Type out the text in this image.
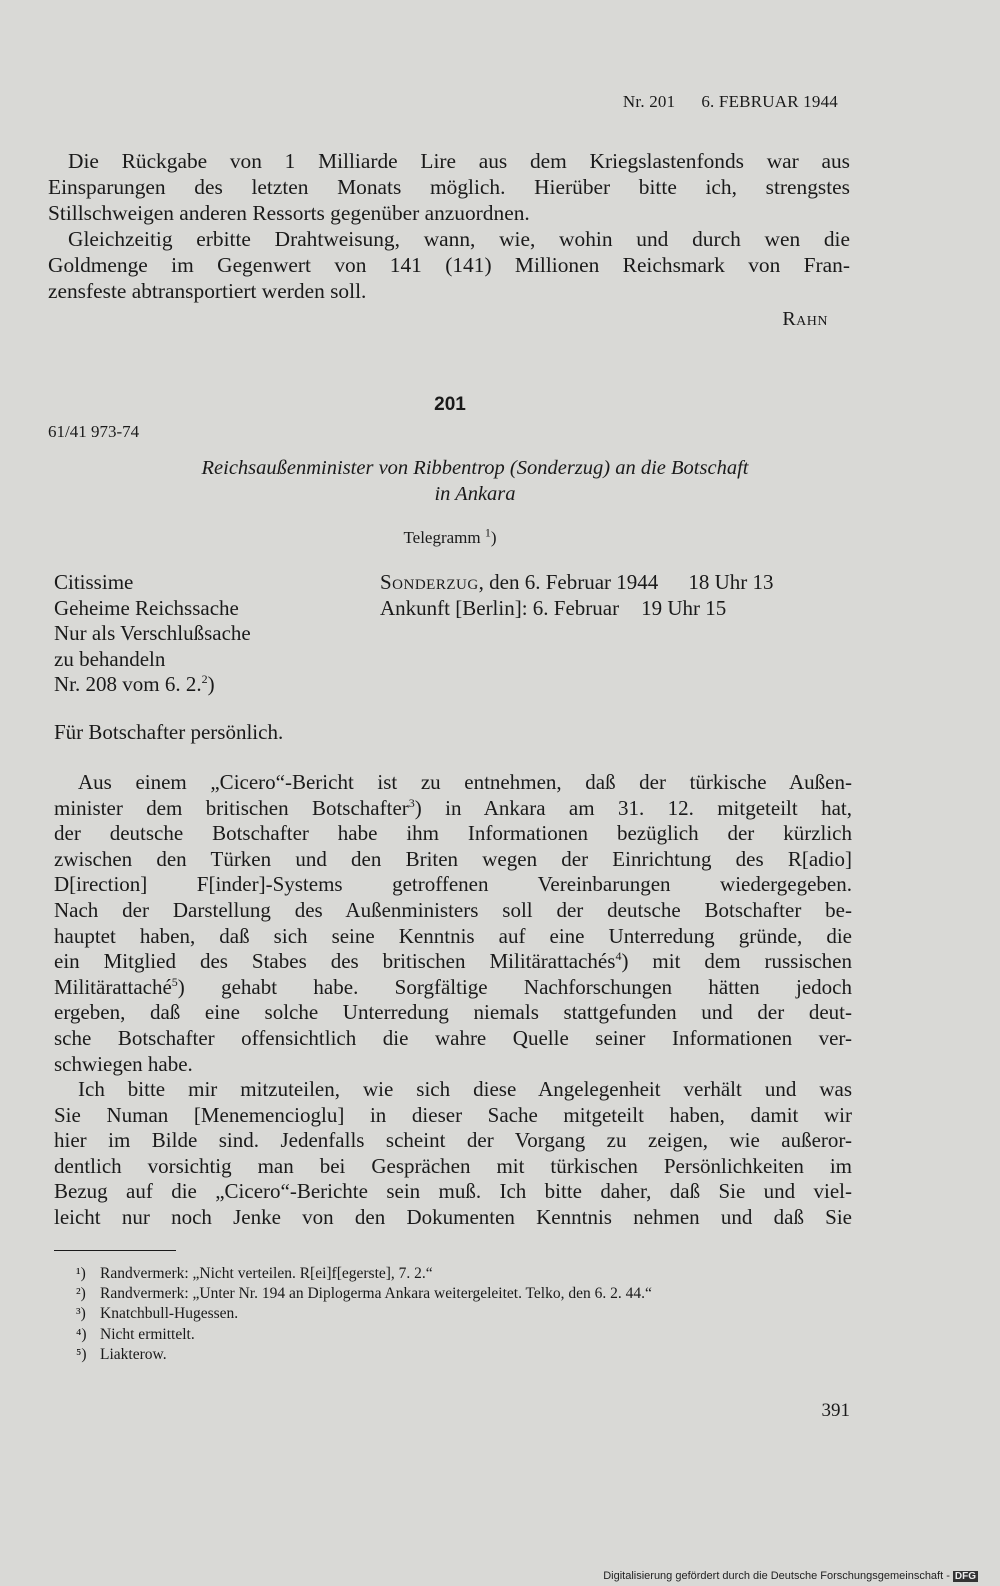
Nr. 201 6. FEBRUAR 1944

Die Rückgabe von 1 Milliarde Lire aus dem Kriegslastenfonds war aus
Einsparungen des letzten Monats möglich. Hierüber bitte ich, strengstes
Stillschweigen anderen Ressorts gegenüber anzuordnen.

Gleichzeitig erbitte Drahtweisung, wann, wie, wohin und durch wen die
Goldmenge im Gegenwert von 141 (141) Millionen Reichsmark von Fran-
zensfeste abtransportiert werden soll.

Rahn
201
61/41 973-74
Reichsaußenminister von Ribbentrop (Sonderzug) an die Botschaft
in Ankara
Telegramm $^1$)
Citissime
Geheime Reichssache
Nur als Verschlußsache
zu behandeln
Nr. 208 vom 6. 2.$^2$)
Sonderzug, den 6. Februar 1944 18 Uhr 13
Ankunft [Berlin]: 6. Februar 19 Uhr 15
Für Botschafter persönlich.

Aus einem „Cicero“-Bericht ist zu entnehmen, daß der türkische Außen-
minister dem britischen Botschafter$^3$) in Ankara am 31. 12. mitgeteilt hat,
der deutsche Botschafter habe ihm Informationen bezüglich der kürzlich
zwischen den Türken und den Briten wegen der Einrichtung des R[adio]
D[irection] F[inder]-Systems getroffenen Vereinbarungen wiedergegeben.
Nach der Darstellung des Außenministers soll der deutsche Botschafter be-
hauptet haben, daß sich seine Kenntnis auf eine Unterredung gründe, die
ein Mitglied des Stabes des britischen Militärattachés$^4$) mit dem russischen
Militärattaché$^5$) gehabt habe. Sorgfältige Nachforschungen hätten jedoch
ergeben, daß eine solche Unterredung niemals stattgefunden und der deut-
sche Botschafter offensichtlich die wahre Quelle seiner Informationen ver-
schwiegen habe.

Ich bitte mir mitzuteilen, wie sich diese Angelegenheit verhält und was
Sie Numan [Menemencioglu] in dieser Sache mitgeteilt haben, damit wir
hier im Bilde sind. Jedenfalls scheint der Vorgang zu zeigen, wie außeror-
dentlich vorsichtig man bei Gesprächen mit türkischen Persönlichkeiten im
Bezug auf die „Cicero“-Berichte sein muß. Ich bitte daher, daß Sie und viel-
leicht nur noch Jenke von den Dokumenten Kenntnis nehmen und daß Sie

¹) Randvermerk: „Nicht verteilen. R[ei]f[egerste], 7. 2.“
²) Randvermerk: „Unter Nr. 194 an Diplogerma Ankara weitergeleitet. Telko, den 6. 2. 44.“
³) Knatchbull-Hugessen.
⁴) Nicht ermittelt.
⁵) Liakterow.
391
Digitalisierung gefördert durch die Deutsche Forschungsgemeinschaft - DFG
